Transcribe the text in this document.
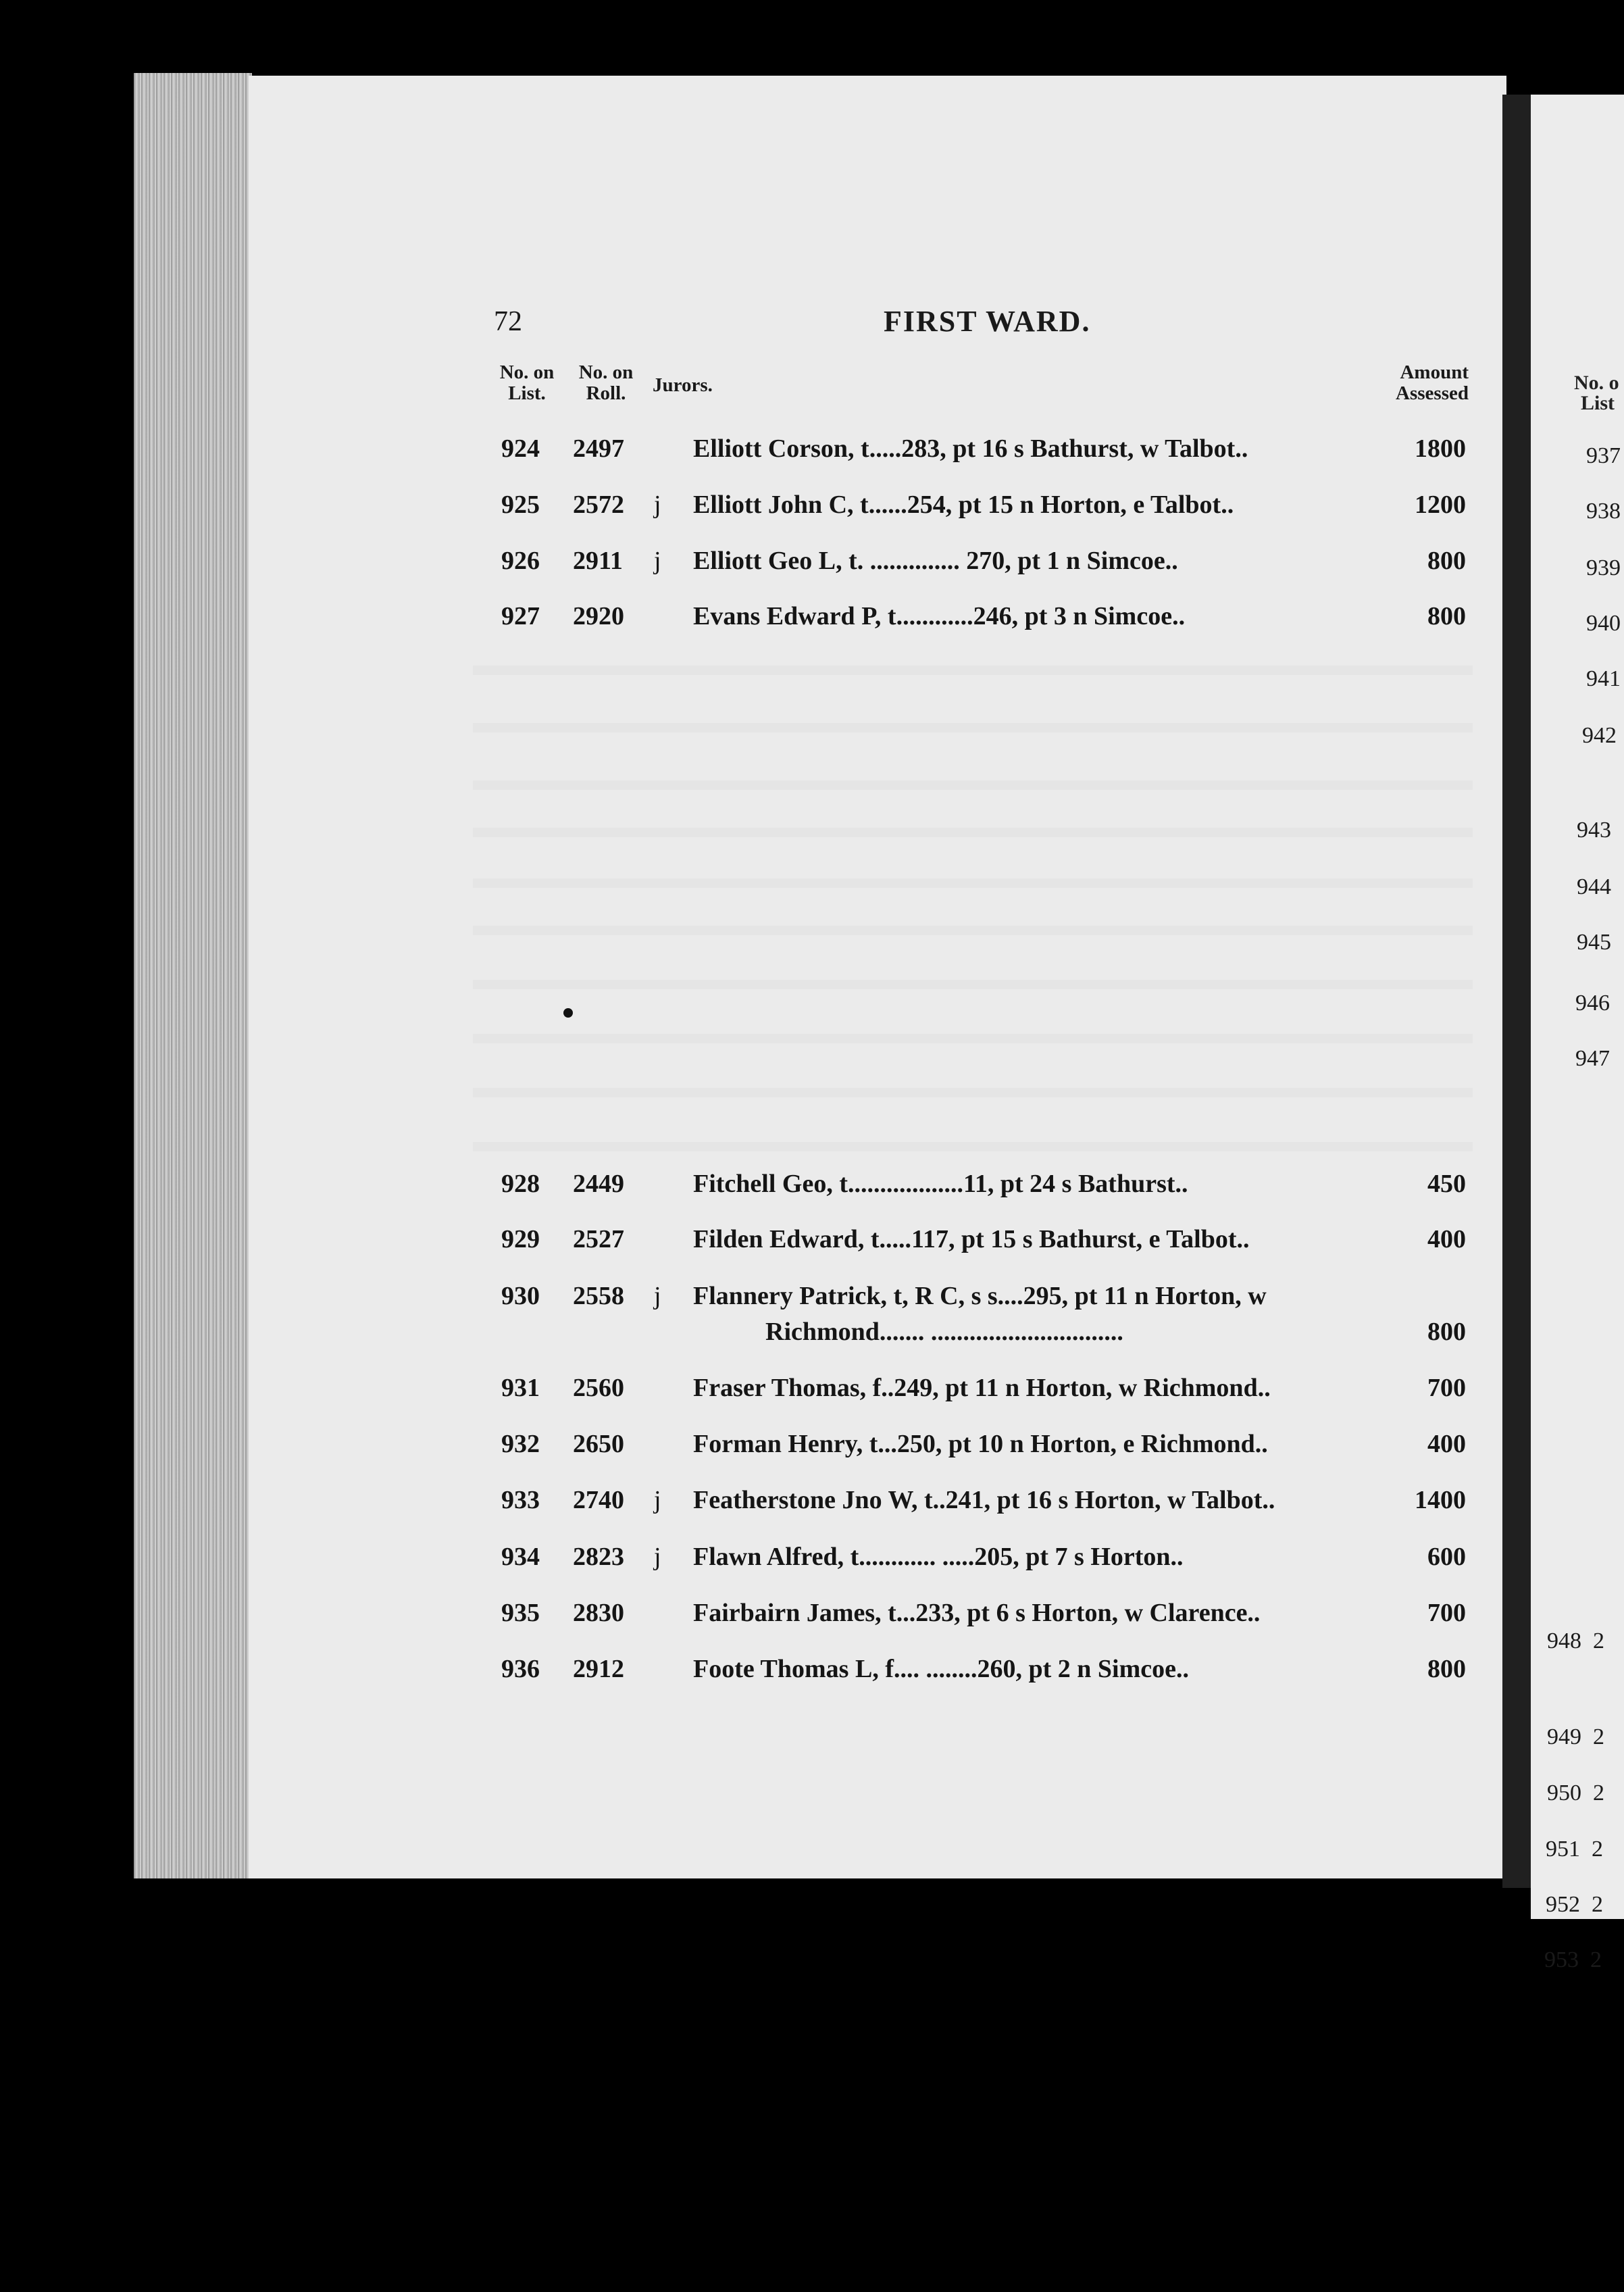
72	FIRST WARD.
No. on
List.
No. on
Roll.	Jurors.
Amount
Assessed
924	2497	Elliott Corson, t.....283, pt 16 s Bathurst, w Talbot..	1800
925	2572	j Elliott John C, t......254, pt 15 n Horton, e Talbot..	1200
926	2911	j Elliott Geo L, t. .............. 270, pt 1 n Simcoe..	800
927	2920	Evans Edward P, t............246, pt 3 n Simcoe..	800
928	2449	Fitchell Geo, t..................11, pt 24 s Bathurst..	450
929	2527	Filden Edward, t.....117, pt 15 s Bathurst, e Talbot..	400
930	2558	j Flannery Patrick, t, R C, s s....295, pt 11 n Horton, w
Richmond....... ..............................	800
931	2560	Fraser Thomas, f..249, pt 11 n Horton, w Richmond..	700
932	2650	Forman Henry, t...250, pt 10 n Horton, e Richmond..	400
933	2740	j Featherstone Jno W, t..241, pt 16 s Horton, w Talbot..	1400
934	2823	j Flawn Alfred, t............ .....205, pt 7 s Horton..	600
935	2830	Fairbairn James, t...233, pt 6 s Horton, w Clarence..	700
936	2912	Foote Thomas L, f.... ........260, pt 2 n Simcoe..	800
No. o
List
937
938
939
940
941
942
943
944
945
946
947
948 2
949 2
950 2
951 2
952 2
953 2
